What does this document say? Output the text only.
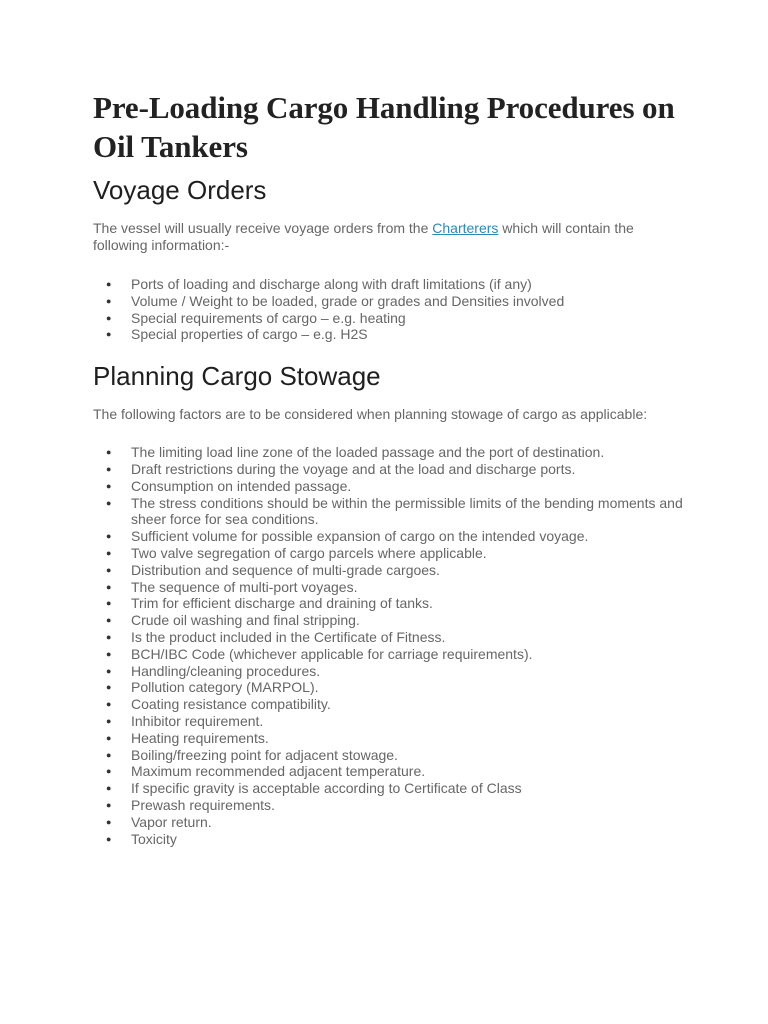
Pre-Loading Cargo Handling Procedures on Oil Tankers
Voyage Orders

The vessel will usually receive voyage orders from the Charterers which will contain the following information:-

● Ports of loading and discharge along with draft limitations (if any)
● Volume / Weight to be loaded, grade or grades and Densities involved
● Special requirements of cargo – e.g. heating
● Special properties of cargo – e.g. H2S
Planning Cargo Stowage

The following factors are to be considered when planning stowage of cargo as applicable:

● The limiting load line zone of the loaded passage and the port of destination.
● Draft restrictions during the voyage and at the load and discharge ports.
● Consumption on intended passage.
● The stress conditions should be within the permissible limits of the bending moments and sheer force for sea conditions.
● Sufficient volume for possible expansion of cargo on the intended voyage.
● Two valve segregation of cargo parcels where applicable.
● Distribution and sequence of multi-grade cargoes.
● The sequence of multi-port voyages.
● Trim for efficient discharge and draining of tanks.
● Crude oil washing and final stripping.
● Is the product included in the Certificate of Fitness.
● BCH/IBC Code (whichever applicable for carriage requirements).
● Handling/cleaning procedures.
● Pollution category (MARPOL).
● Coating resistance compatibility.
● Inhibitor requirement.
● Heating requirements.
● Boiling/freezing point for adjacent stowage.
● Maximum recommended adjacent temperature.
● If specific gravity is acceptable according to Certificate of Class
● Prewash requirements.
● Vapor return.
● Toxicity
